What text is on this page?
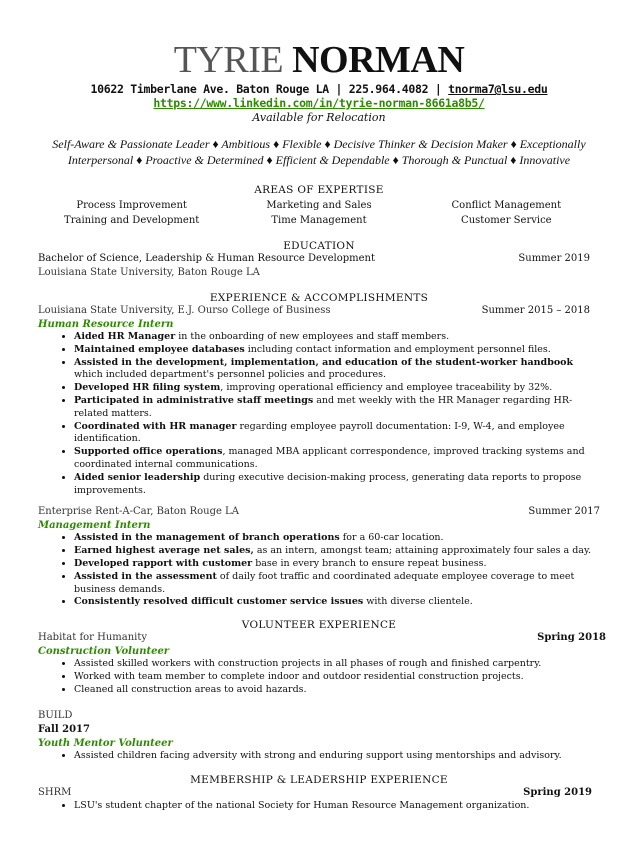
TYRIE NORMAN
10622 Timberlane Ave. Baton Rouge LA | 225.964.4082 | tnorma7@lsu.edu
https://www.linkedin.com/in/tyrie-norman-8661a8b5/
Available for Relocation
Self-Aware & Passionate Leader ♦ Ambitious ♦ Flexible ♦ Decisive Thinker & Decision Maker ♦ Exceptionally
Interpersonal ♦ Proactive & Determined ♦ Efficient & Dependable ♦ Thorough & Punctual ♦ Innovative
AREAS OF EXPERTISE
Process Improvement	Marketing and Sales	Conflict Management
Training and Development	Time Management	Customer Service
EDUCATION
Bachelor of Science, Leadership & Human Resource Development	Summer 2019
Louisiana State University, Baton Rouge LA
EXPERIENCE & ACCOMPLISHMENTS
Louisiana State University, E.J. Ourso College of Business	Summer 2015 – 2018
Human Resource Intern
• Aided HR Manager in the onboarding of new employees and staff members.
• Maintained employee databases including contact information and employment personnel files.
• Assisted in the development, implementation, and education of the student-worker handbook which included department's personnel policies and procedures.
• Developed HR filing system, improving operational efficiency and employee traceability by 32%.
• Participated in administrative staff meetings and met weekly with the HR Manager regarding HR-related matters.
• Coordinated with HR manager regarding employee payroll documentation: I-9, W-4, and employee identification.
• Supported office operations, managed MBA applicant correspondence, improved tracking systems and coordinated internal communications.
• Aided senior leadership during executive decision-making process, generating data reports to propose improvements.
Enterprise Rent-A-Car, Baton Rouge LA	Summer 2017
Management Intern
• Assisted in the management of branch operations for a 60-car location.
• Earned highest average net sales, as an intern, amongst team; attaining approximately four sales a day.
• Developed rapport with customer base in every branch to ensure repeat business.
• Assisted in the assessment of daily foot traffic and coordinated adequate employee coverage to meet business demands.
• Consistently resolved difficult customer service issues with diverse clientele.
VOLUNTEER EXPERIENCE
Habitat for Humanity	Spring 2018
Construction Volunteer
• Assisted skilled workers with construction projects in all phases of rough and finished carpentry.
• Worked with team member to complete indoor and outdoor residential construction projects.
• Cleaned all construction areas to avoid hazards.
BUILD
Fall 2017
Youth Mentor Volunteer
• Assisted children facing adversity with strong and enduring support using mentorships and advisory.
MEMBERSHIP & LEADERSHIP EXPERIENCE
SHRM	Spring 2019
• LSU's student chapter of the national Society for Human Resource Management organization.
